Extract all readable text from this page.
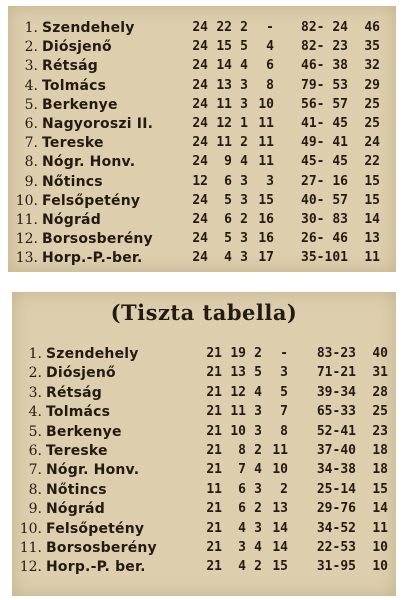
1. Szendehely	24 22 2	-	82- 24	46
2. Diósjenő	24 15 5	4	82- 23	35
3. Rétság	24 14 4	6	46- 38	32
4. Tolmács	24 13 3	8	79- 53	29
5. Berkenye	24 11 3 10	56- 57	25
6. Nagyoroszi II.	24 12 1 11	41- 45	25
7. Tereske	24 11 2 11	49- 41	24
8. Nógr. Honv.	24	9 4 11	45- 45	22
9. Nőtincs	12	6 3	3	27- 16	15
10. Felsőpetény	24	5 3 15	40- 57	15
11. Nógrád	24	6 2 16	30- 83	14
12. Borsosberény	24	5 3 16	26- 46	13
13. Horp.-P.-ber.	24	4 3 17	35-101	11
(Tiszta tabella)
1. Szendehely	21 19 2	-	83-23	40
2. Diósjenő	21 13 5	3	71-21	31
3. Rétság	21 12 4	5	39-34	28
4. Tolmács	21 11 3	7	65-33	25
5. Berkenye	21 10 3	8	52-41	23
6. Tereske	21	8 2 11	37-40	18
7. Nógr. Honv.	21	7 4 10	34-38	18
8. Nőtincs	11	6 3	2	25-14	15
9. Nógrád	21	6 2 13	29-76	14
10. Felsőpetény	21	4 3 14	34-52	11
11. Borsosberény	21	3 4 14	22-53	10
12. Horp.-P. ber.	21	4 2 15	31-95	10
